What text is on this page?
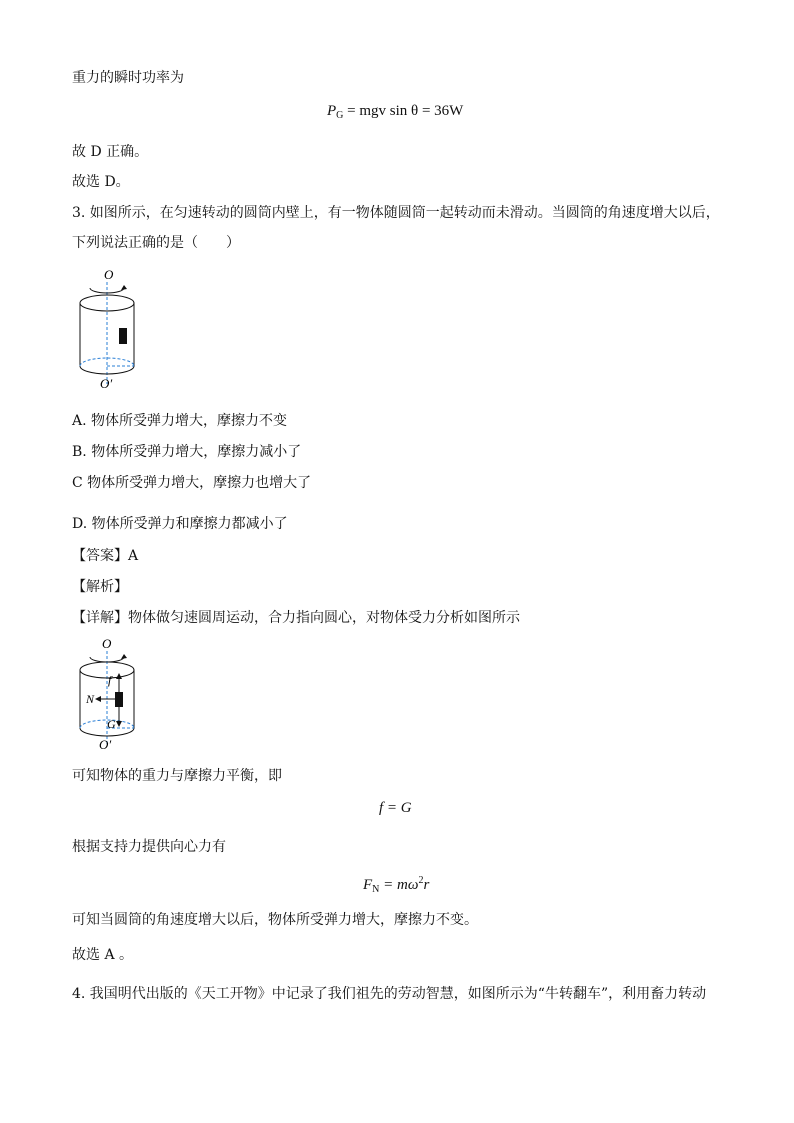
重力的瞬时功率为
$P_G$ = mgv sin θ = 36W
故 D 正确。
故选 D。
3. 如图所示，在匀速转动的圆筒内壁上，有一物体随圆筒一起转动而未滑动。当圆筒的角速度增大以后，
下列说法正确的是（　　）
O
O′
A. 物体所受弹力增大，摩擦力不变
B. 物体所受弹力增大，摩擦力减小了
C 物体所受弹力增大，摩擦力也增大了
D. 物体所受弹力和摩擦力都减小了
【答案】A
【解析】
【详解】物体做匀速圆周运动，合力指向圆心，对物体受力分析如图所示
O
f
N
G
O′
可知物体的重力与摩擦力平衡，即
f = G
根据支持力提供向心力有
$F_N = m\omega^2r$
可知当圆筒的角速度增大以后，物体所受弹力增大，摩擦力不变。
故选 A 。
4. 我国明代出版的《天工开物》中记录了我们祖先的劳动智慧，如图所示为“牛转翻车”，利用畜力转动
